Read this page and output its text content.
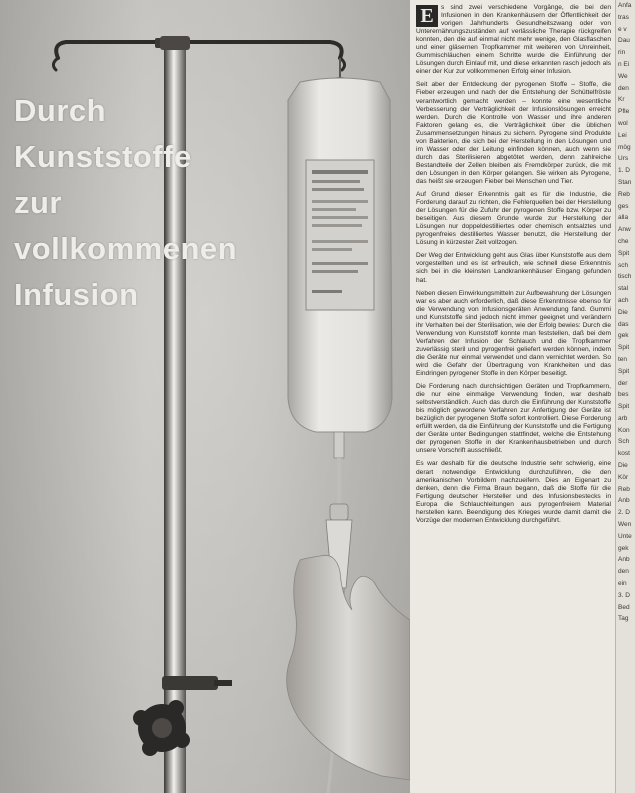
Durch
Kunststoffe
zur
vollkommenen
Infusion
E	s sind zwei verschiedene Vorgänge, die bei den Infusionen in den Krankenhäusern der Öffentlichkeit der vorigen Jahrhunderts Gesundheitszwang oder von Unterernährungszuständen auf verlässliche Therapie rückgreifen konnten, den die auf einmal nicht mehr wenige, den Glasflaschen und einer gläsernen Tropfkammer mit weiteren von Unreinheit, Gummischläuchen einem Schritte wurde die Einführung der Lösungen durch Einlauf mit, und diese erkannten rasch jedoch als einer der Kur zur vollkommenen Erfolg einer Infusion.

Seit aber der Entdeckung der pyrogenen Stoffe – Stoffe, die Fieber erzeugen und nach der die Entstehung der Schüttelfröste verantwortlich gemacht werden – konnte eine wesentliche Verbesserung der Verträglichkeit der Infusionslösungen erreicht werden. Durch die Kontrolle von Wasser und ihre anderen Faktoren gelang es, die Verträglichkeit über die üblichen Zusammensetzungen hinaus zu sichern. Pyrogene sind Produkte von Bakterien, die sich bei der Herstellung in den Lösungen und im Wasser oder der Leitung einfinden können, auch wenn sie durch das Sterilisieren abgetötet werden, denn zahlreiche Bestandteile der Zellen bleiben als Fremdkörper zurück, die mit den Lösungen in den Körper gelangen. Sie wirken als Pyrogene, das heißt sie erzeugen Fieber bei Menschen und Tier.

Auf Grund dieser Erkenntnis galt es für die Industrie, die Forderung darauf zu richten, die Fehlerquellen bei der Herstellung der Lösungen für die Zufuhr der pyrogenen Stoffe bzw. Körper zu beseitigen. Aus diesem Grunde wurde zur Herstellung der Lösungen nur doppeldestilliertes oder chemisch entsalztes und pyrogenfreies destilliertes Wasser benutzt, die Herstellung der Lösung in kürzester Zeit vollzogen.

Der Weg der Entwicklung geht aus Glas über Kunststoffe aus dem vorgestellten und es ist erfreulich, wie schnell diese Erkenntnis sich bei in die kleinsten Landkrankenhäuser Eingang gefunden hat.

Neben diesen Einwirkungsmitteln zur Aufbewahrung der Lösungen war es aber auch erforderlich, daß diese Erkenntnisse ebenso für die Verwendung von Infusionsgeräten Anwendung fand. Gummi und Kunststoffe sind jedoch nicht immer geeignet und verändern ihr Verhalten bei der Sterilisation, wie der Erfolg bewies: Durch die Verwendung von Kunststoff konnte man feststellen, daß bei dem Verfahren der Infusion der Schlauch und die Tropfkammer zuverlässig steril und pyrogenfrei geliefert werden können, indem die Geräte nur einmal verwendet und dann vernichtet werden. So wird die Gefahr der Übertragung von Krankheiten und das Eindringen pyrogener Stoffe in den Körper beseitigt.

Die Forderung nach durchsichtigen Geräten und Tropfkammern, die nur eine einmalige Verwendung finden, war deshalb selbstverständlich. Auch das durch die Einführung der Kunststoffe bis möglich gewordene Verfahren zur Anfertigung der Geräte ist bezüglich der pyrogenen Stoffe sofort kontrolliert. Diese Forderung erfüllt werden, da die Einführung der Kunststoffe und die Fertigung der Geräte unter Bedingungen stattfindet, welche die Entstehung der pyrogenen Stoffe in der Krankenhausbetrieben und durch unsere Vorschrift ausschließt.

Es war deshalb für die deutsche Industrie sehr schwierig, eine derart notwendige Entwicklung durchzuführen, die den amerikanischen Vorbildern nachzueifern. Dies an Eigenart zu denken, denn die Firma Braun begann, daß die Stoffe für die Fertigung deutscher Hersteller und des Infusionsbestecks in Europa die Schlauchleitungen aus pyrogenfreiem Material herstellen kann. Beendigung des Krieges wurde damit damit die Vorzüge der modernen Entwicklung durchgeführt.

Anfa
tras
e v
Dau
rin
n Ei
We
den
Kr
Pfle
wol
Lei
mög
Urs
1. D
Stan
Reb
ges
alla
Anw
che
Spit
sch
tisch
stal
ach
Die
das
gek
Spit
ten
Spit
der
bes
Spit
arb
Kon
Sch
kost
Die
Kör
Reb
Anb
2. D
Wen
Unte
gek
Anb
den
ein
3. D
Bed
Tag
